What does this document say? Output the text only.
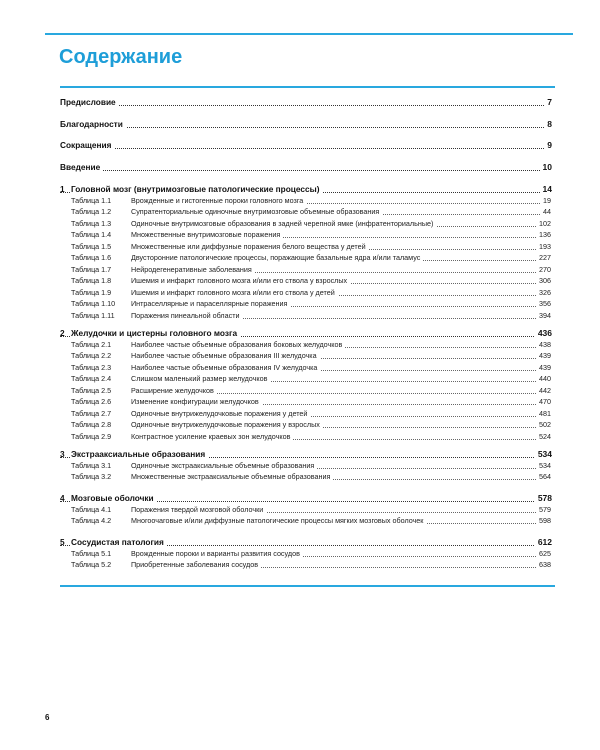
Содержание
Предисловие	7
Благодарности	8
Сокращения	9
Введение	10
1 Головной мозг (внутримозговые патологические процессы)	14
Таблица 1.1	Врожденные и гистогенные пороки головного мозга	19
Таблица 1.2	Супратенториальные одиночные внутримозговые объемные образования	44
Таблица 1.3	Одиночные внутримозговые образования в задней черепной ямке (инфратенториальные)	102
Таблица 1.4	Множественные внутримозговые поражения	136
Таблица 1.5	Множественные или диффузные поражения белого вещества у детей	193
Таблица 1.6	Двусторонние патологические процессы, поражающие базальные ядра и/или таламус	227
Таблица 1.7	Нейродегенеративные заболевания	270
Таблица 1.8	Ишемия и инфаркт головного мозга и/или его ствола у взрослых	306
Таблица 1.9	Ишемия и инфаркт головного мозга и/или его ствола у детей	326
Таблица 1.10 Интраселлярные и параселлярные поражения	356
Таблица 1.11 Поражения пинеальной области	394
2 Желудочки и цистерны головного мозга	436
Таблица 2.1	Наиболее частые объемные образования боковых желудочков	438
Таблица 2.2	Наиболее частые объемные образования III желудочка	439
Таблица 2.3	Наиболее частые объемные образования IV желудочка	439
Таблица 2.4	Слишком маленький размер желудочков	440
Таблица 2.5	Расширение желудочков	442
Таблица 2.6	Изменение конфигурации желудочков	470
Таблица 2.7	Одиночные внутрижелудочковые поражения у детей	481
Таблица 2.8	Одиночные внутрижелудочковые поражения у взрослых	502
Таблица 2.9	Контрастное усиление краевых зон желудочков	524
3 Экстрааксиальные образования	534
Таблица 3.1	Одиночные экстрааксиальные объемные образования	534
Таблица 3.2	Множественные экстрааксиальные объемные образования	564
4 Мозговые оболочки	578
Таблица 4.1	Поражения твердой мозговой оболочки	579
Таблица 4.2	Многоочаговые и/или диффузные патологические процессы мягких мозговых оболочек	598
5 Сосудистая патология	612
Таблица 5.1	Врожденные пороки и варианты развития сосудов	625
Таблица 5.2	Приобретенные заболевания сосудов	638
6
